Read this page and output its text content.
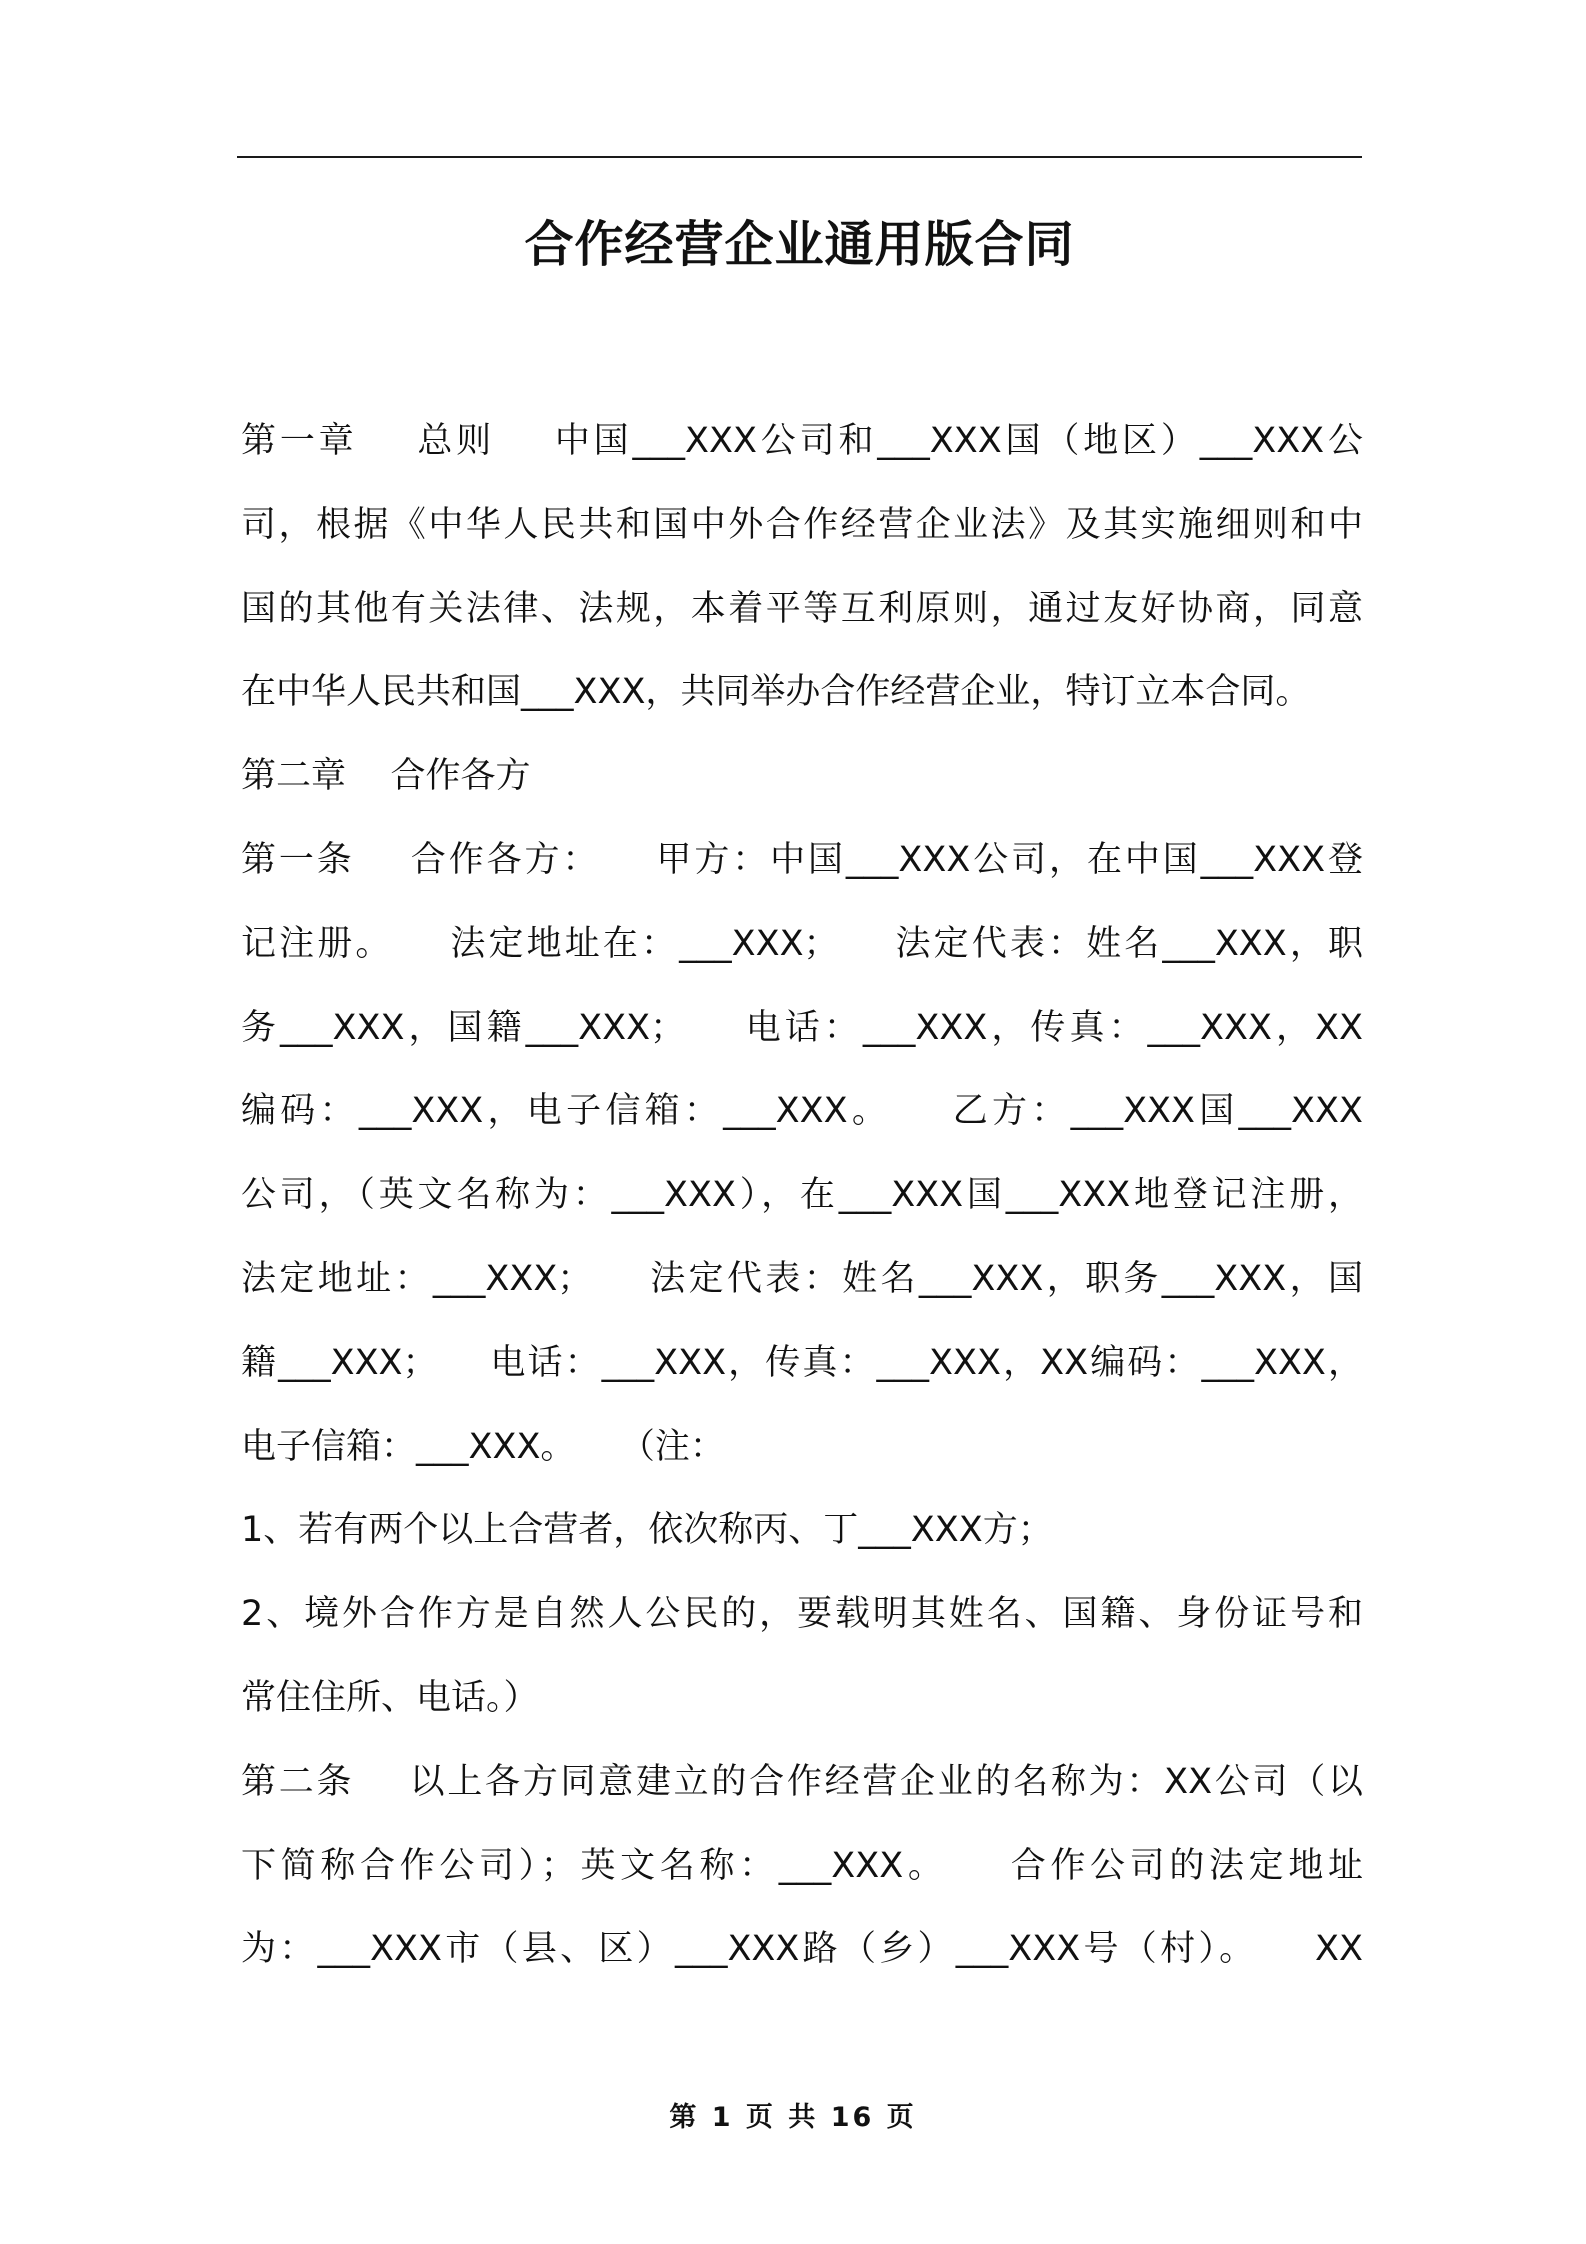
合作经营企业通用版合同
第一章    总则    中国___XXX公司和___XXX国（地区）___XXX公
司，根据《中华人民共和国中外合作经营企业法》及其实施细则和中
国的其他有关法律、法规，本着平等互利原则，通过友好协商，同意
在中华人民共和国___XXX，共同举办合作经营企业，特订立本合同。
第二章    合作各方
第一条    合作各方：    甲方：中国___XXX公司，在中国___XXX登
记注册。    法定地址在：___XXX；    法定代表：姓名___XXX，职
务___XXX，国籍___XXX；    电话：___XXX，传真：___XXX，XX
编码：___XXX，电子信箱：___XXX。    乙方：___XXX国___XXX
公司，（英文名称为：___XXX），在___XXX国___XXX地登记注册，
法定地址：___XXX；    法定代表：姓名___XXX，职务___XXX，国
籍___XXX；    电话：___XXX，传真：___XXX，XX编码：___XXX，
电子信箱：___XXX。    （注：
1、若有两个以上合营者，依次称丙、丁___XXX方；
2、境外合作方是自然人公民的，要载明其姓名、国籍、身份证号和
常住住所、电话。）
第二条    以上各方同意建立的合作经营企业的名称为：XX公司（以
下简称合作公司）；英文名称：___XXX。    合作公司的法定地址
为：___XXX市（县、区）___XXX路（乡）___XXX号（村）。    XX
第 1 页 共 16 页
